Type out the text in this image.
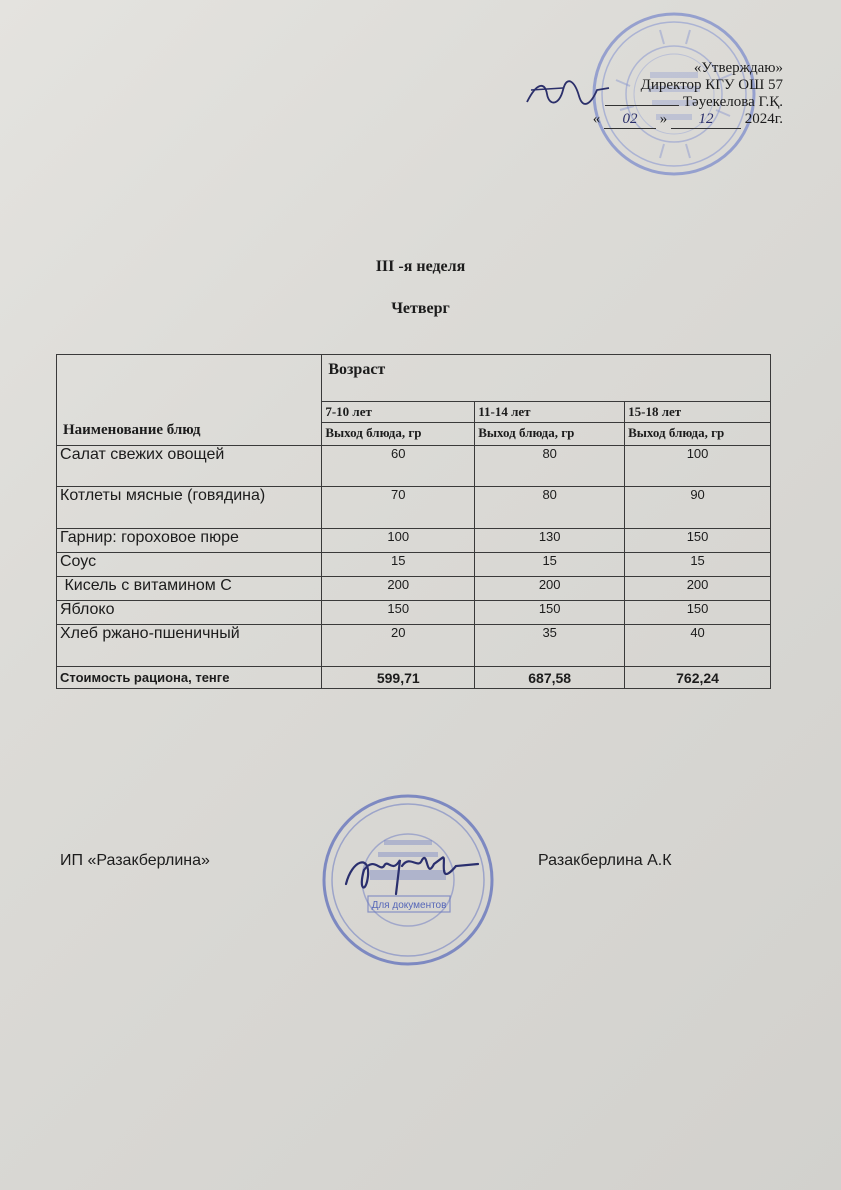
«Утверждаю»
Директор КГУ ОШ 57
Тәуекелова Г.Қ.
« 02 » 12 2024г.
III -я неделя
Четверг
Наименование блюд	Возраст		
	7-10 лет	11-14 лет	15-18 лет
	Выход блюда, гр	Выход блюда, гр	Выход блюда, гр
Салат свежих овощей	60	80	100
Котлеты мясные (говядина)	70	80	90
Гарнир: гороховое пюре	100	130	150
Соус	15	15	15
Кисель с витамином С	200	200	200
Яблоко	150	150	150
Хлеб ржано-пшеничный	20	35	40
Стоимость рациона, тенге	599,71	687,58	762,24
Для документов
ИП «Разакберлина»	Разакберлина А.К
